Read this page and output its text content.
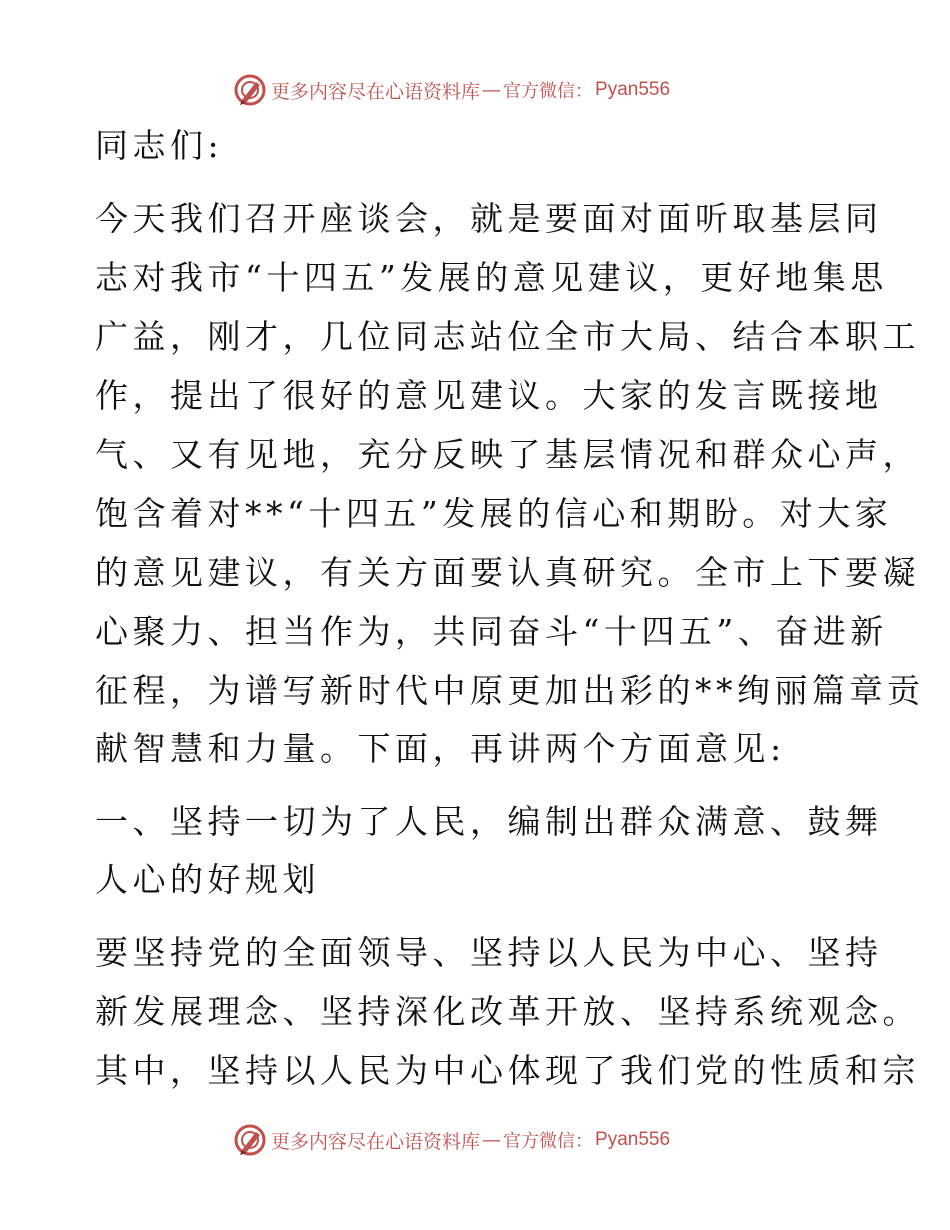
更多内容尽在心语资料库 — 官方微信： Pyan556
同志们:
今天我们召开座谈会，就是要面对面听取基层同
志对我市“十四五”发展的意见建议，更好地集思
广益，刚才，几位同志站位全市大局、结合本职工
作，提出了很好的意见建议。大家的发言既接地
气、又有见地，充分反映了基层情况和群众心声，
饱含着对**“十四五”发展的信心和期盼。对大家
的意见建议，有关方面要认真研究。全市上下要凝
心聚力、担当作为，共同奋斗“十四五”、奋进新
征程，为谱写新时代中原更加出彩的**绚丽篇章贡
献智慧和力量。下面，再讲两个方面意见:
一、坚持一切为了人民，编制出群众满意、鼓舞
人心的好规划
要坚持党的全面领导、坚持以人民为中心、坚持
新发展理念、坚持深化改革开放、坚持系统观念。
其中，坚持以人民为中心体现了我们党的性质和宗
更多内容尽在心语资料库 — 官方微信： Pyan556
